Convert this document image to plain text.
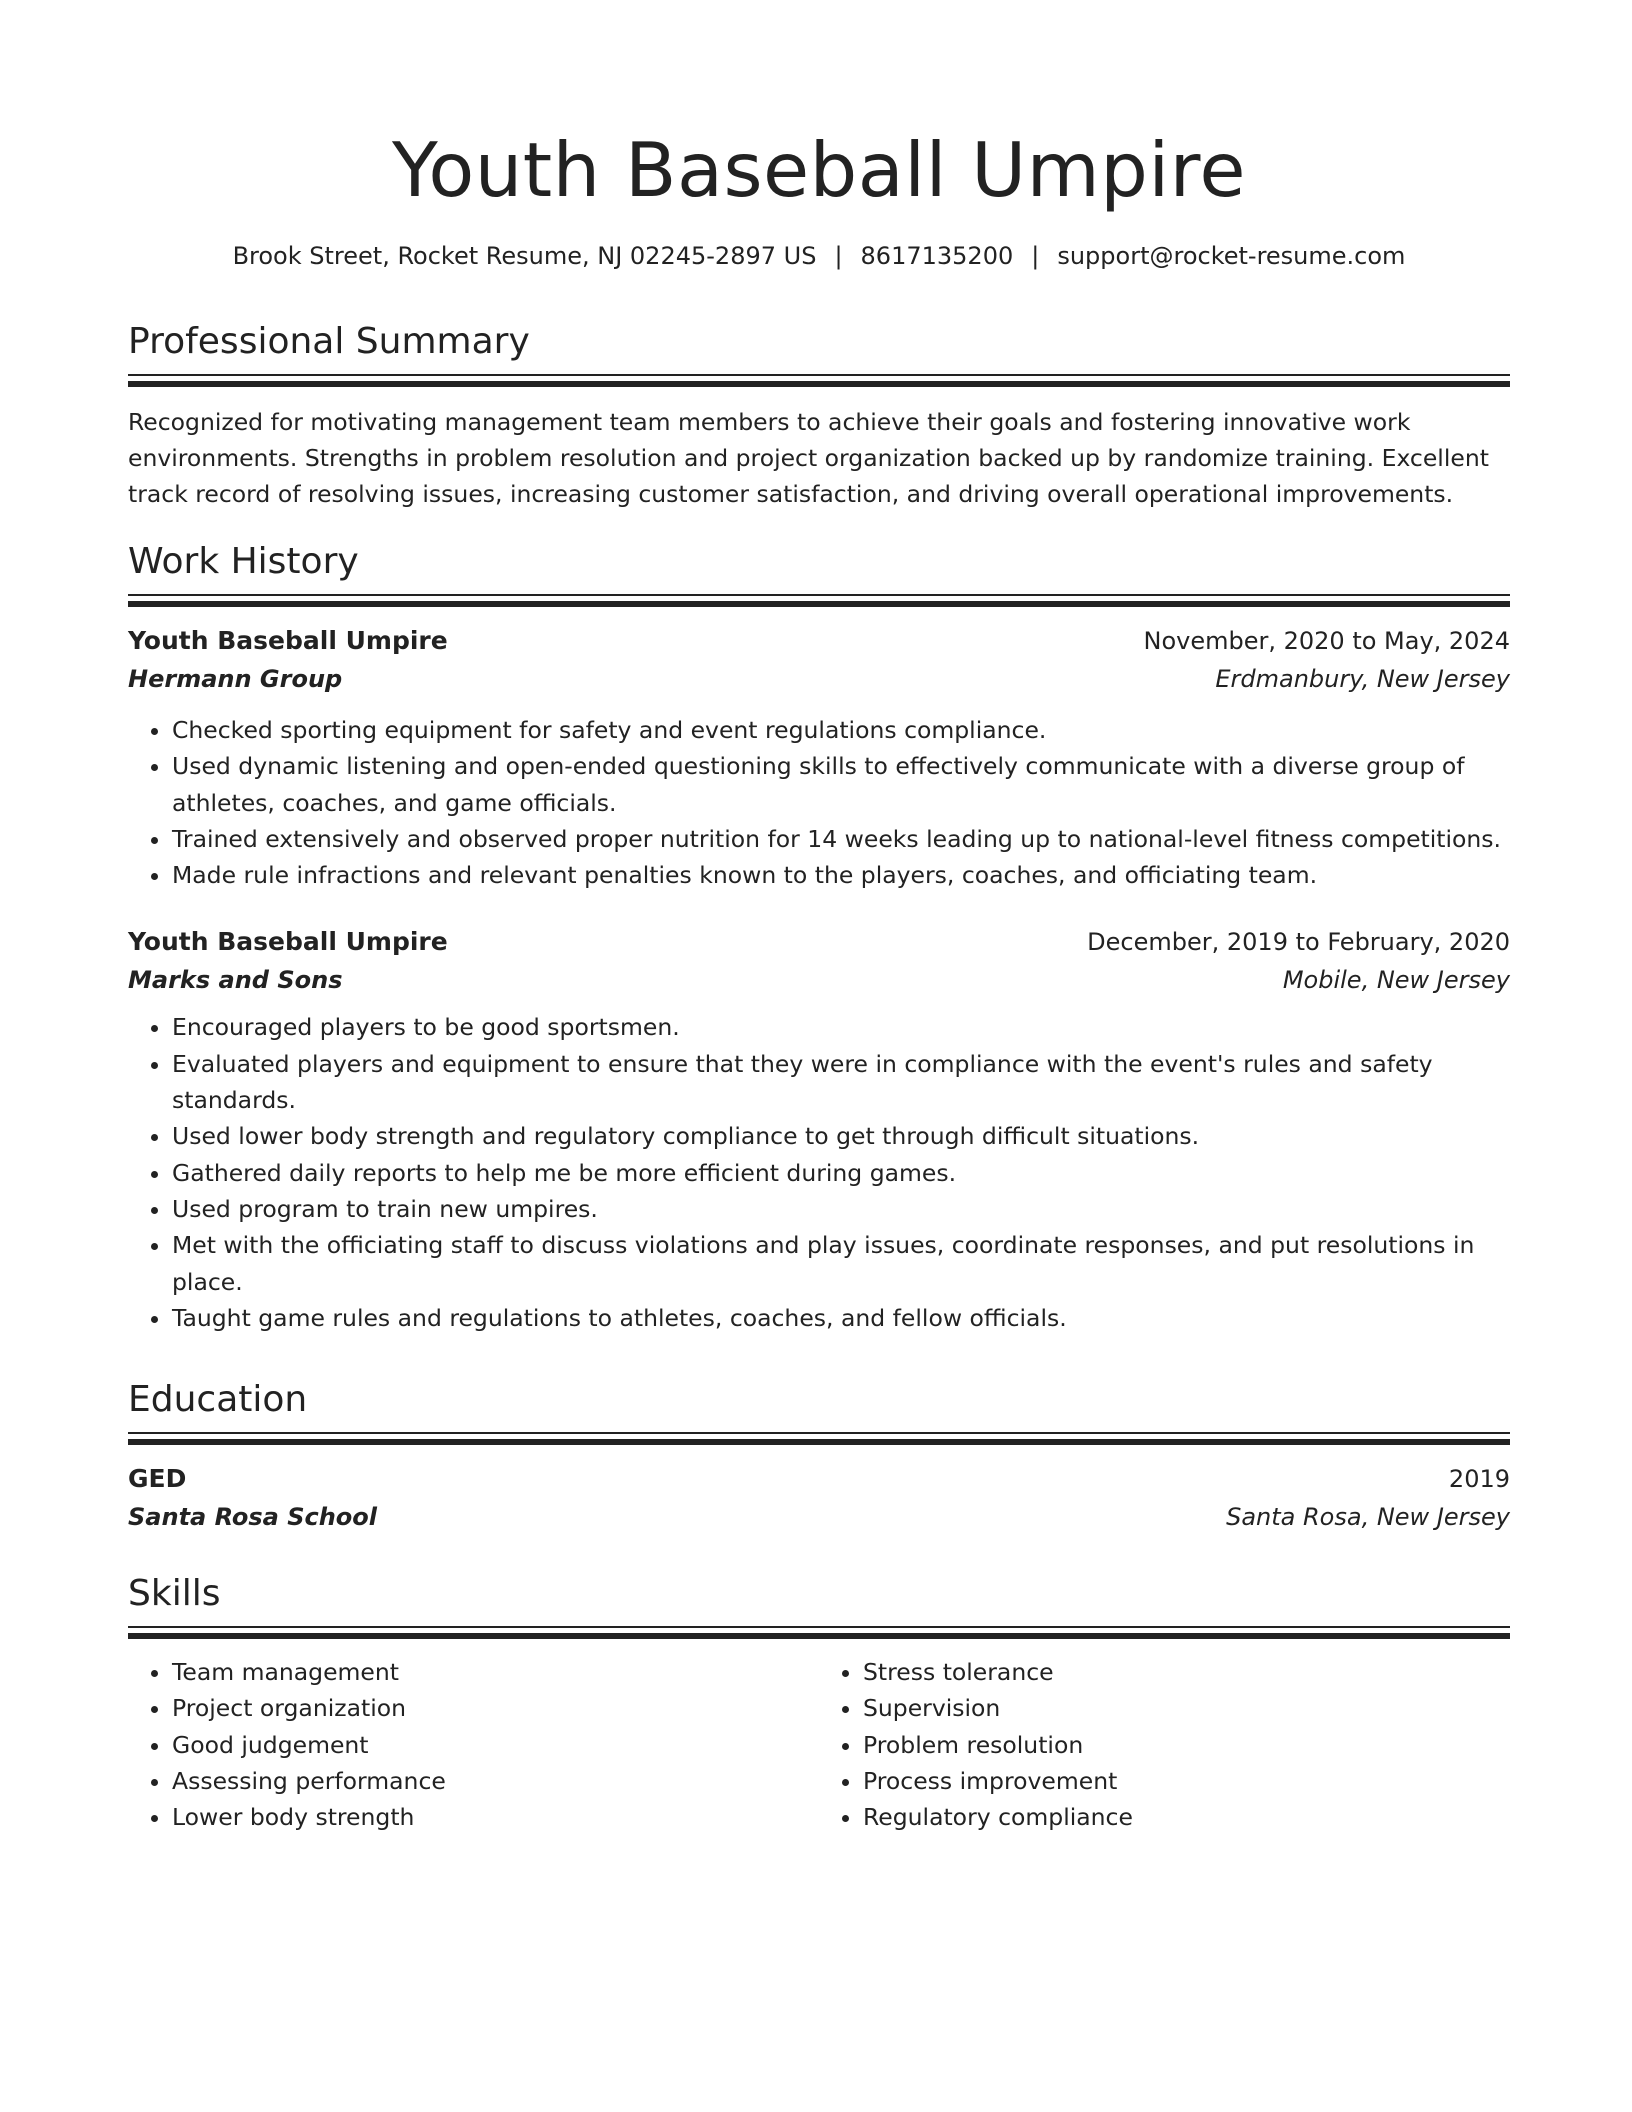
Youth Baseball Umpire
Brook Street, Rocket Resume, NJ 02245-2897 US | 8617135200 | support@rocket-resume.com
Professional Summary

Recognized for motivating management team members to achieve their goals and fostering innovative work environments. Strengths in problem resolution and project organization backed up by randomize training. Excellent track record of resolving issues, increasing customer satisfaction, and driving overall operational improvements.

Work History
Youth Baseball Umpire	November, 2020 to May, 2024
Hermann Group	Erdmanbury, New Jersey
• Checked sporting equipment for safety and event regulations compliance.
• Used dynamic listening and open-ended questioning skills to effectively communicate with a diverse group of athletes, coaches, and game officials.
• Trained extensively and observed proper nutrition for 14 weeks leading up to national-level fitness competitions.
• Made rule infractions and relevant penalties known to the players, coaches, and officiating team.
Youth Baseball Umpire	December, 2019 to February, 2020
Marks and Sons	Mobile, New Jersey
• Encouraged players to be good sportsmen.
• Evaluated players and equipment to ensure that they were in compliance with the event's rules and safety standards.
• Used lower body strength and regulatory compliance to get through difficult situations.
• Gathered daily reports to help me be more efficient during games.
• Used program to train new umpires.
• Met with the officiating staff to discuss violations and play issues, coordinate responses, and put resolutions in place.
• Taught game rules and regulations to athletes, coaches, and fellow officials.
Education
GED	2019
Santa Rosa School	Santa Rosa, New Jersey
Skills
• Team management
• Project organization
• Good judgement
• Assessing performance
• Lower body strength
• Stress tolerance
• Supervision
• Problem resolution
• Process improvement
• Regulatory compliance
